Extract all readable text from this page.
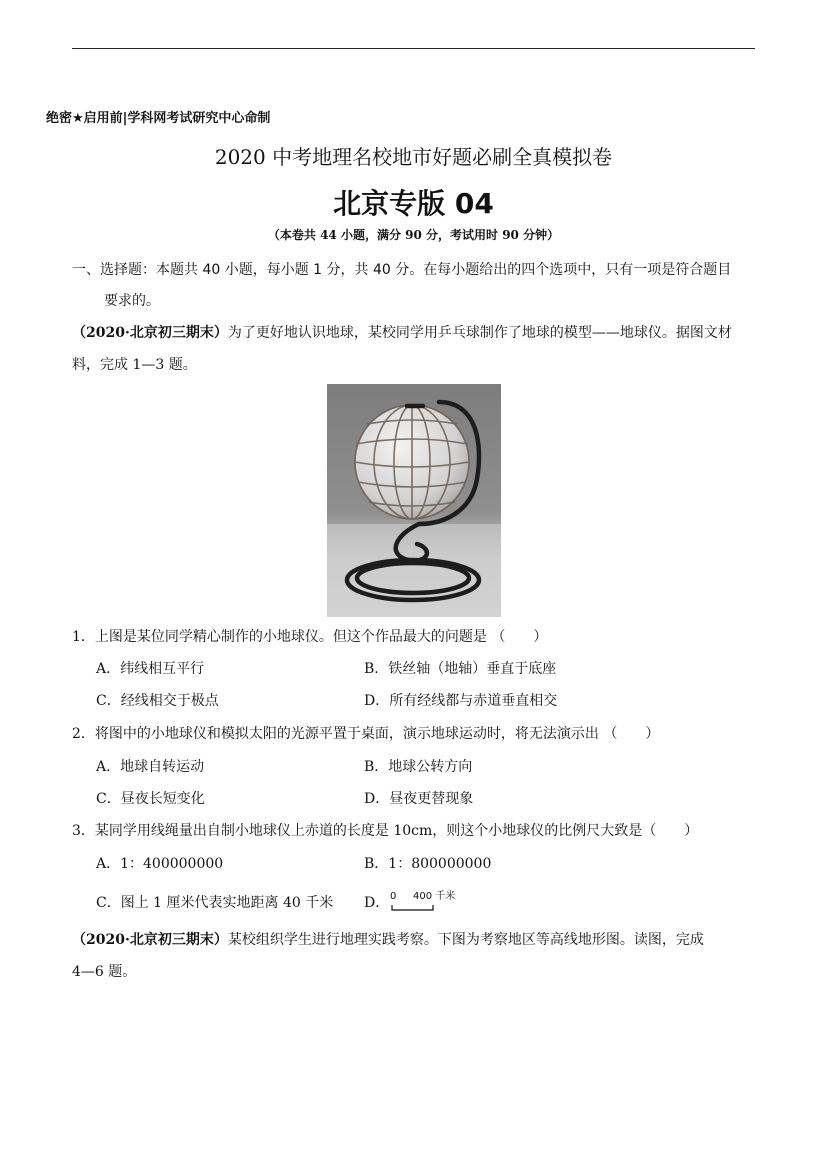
绝密★启用前|学科网考试研究中心命制
2020 中考地理名校地市好题必刷全真模拟卷
北京专版 04
（本卷共 44 小题，满分 90 分，考试用时 90 分钟）
一、选择题：本题共 40 小题，每小题 1 分，共 40 分。在每小题给出的四个选项中，只有一项是符合题目
要求的。
（2020·北京初三期末）为了更好地认识地球，某校同学用乒乓球制作了地球的模型——地球仪。据图文材
料，完成 1—3 题。
1．上图是某位同学精心制作的小地球仪。但这个作品最大的问题是 （　　）
A．纬线相互平行	B．铁丝轴（地轴）垂直于底座
C．经线相交于极点	D．所有经线都与赤道垂直相交
2．将图中的小地球仪和模拟太阳的光源平置于桌面，演示地球运动时，将无法演示出 （　　）
A．地球自转运动	B．地球公转方向
C．昼夜长短变化	D．昼夜更替现象
3．某同学用线绳量出自制小地球仪上赤道的长度是 10cm，则这个小地球仪的比例尺大致是（　　）
A．1：400000000	B．1：800000000
C．图上 1 厘米代表实地距离 40 千米 D． 0 400 千米
（2020·北京初三期末）某校组织学生进行地理实践考察。下图为考察地区等高线地形图。读图，完成
4—6 题。
